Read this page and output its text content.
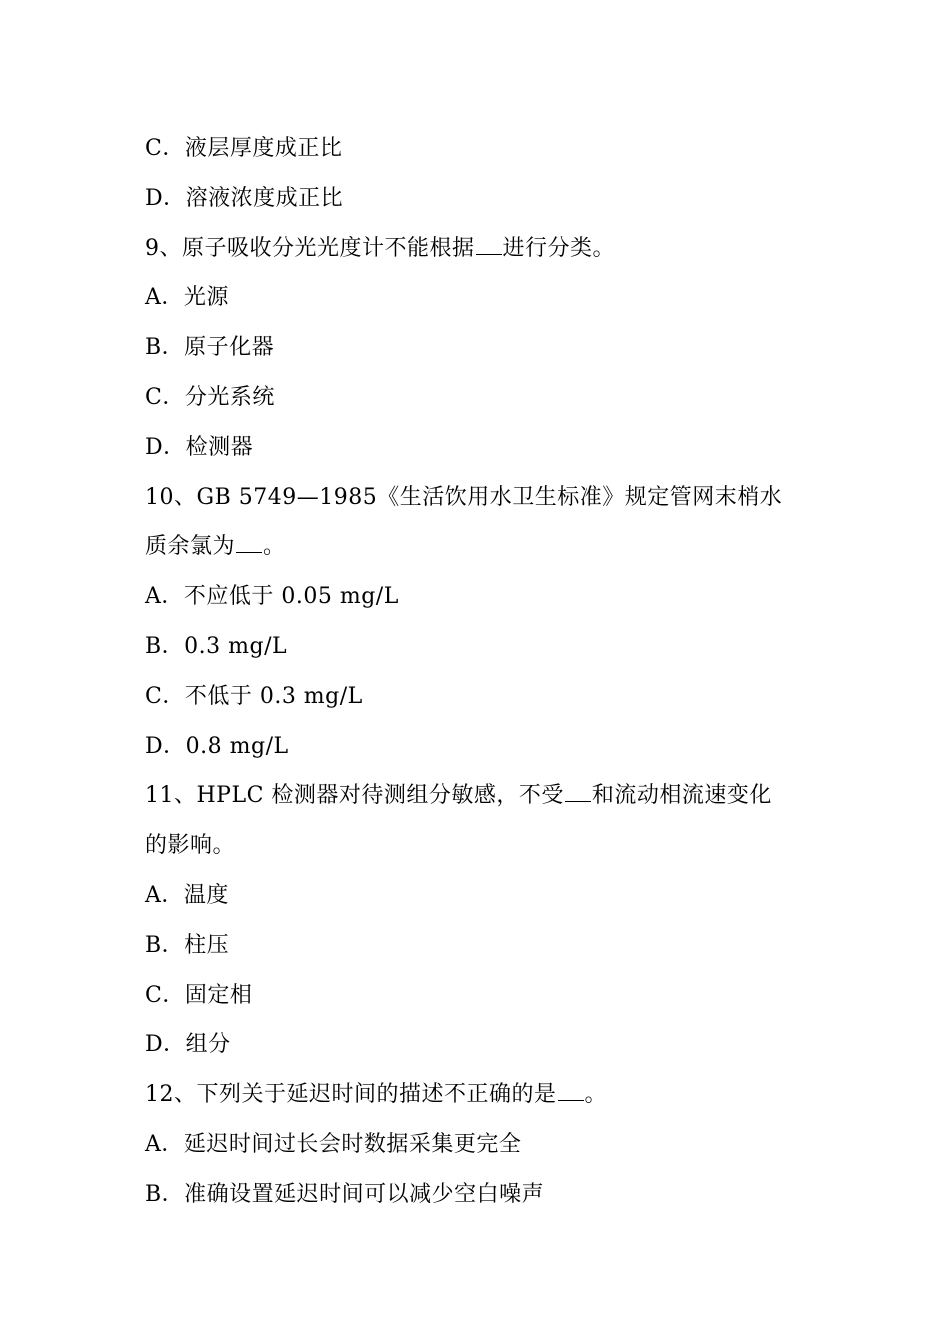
C．液层厚度成正比
D．溶液浓度成正比
9、原子吸收分光光度计不能根据 进行分类。
A．光源
B．原子化器
C．分光系统
D．检测器
10、GB 5749—1985《生活饮用水卫生标准》规定管网末梢水
质余氯为 。
A．不应低于 0.05 mg/L
B．0.3 mg/L
C．不低于 0.3 mg/L
D．0.8 mg/L
11、HPLC 检测器对待测组分敏感，不受 和流动相流速变化
的影响。
A．温度
B．柱压
C．固定相
D．组分
12、下列关于延迟时间的描述不正确的是 。
A．延迟时间过长会时数据采集更完全
B．准确设置延迟时间可以减少空白噪声
